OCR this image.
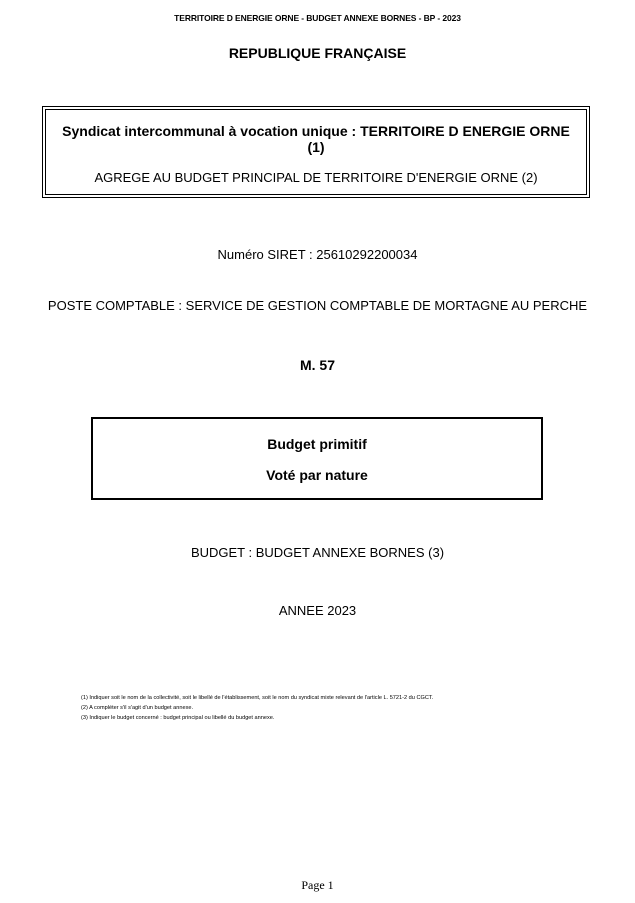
TERRITOIRE D ENERGIE ORNE - BUDGET ANNEXE BORNES - BP - 2023
REPUBLIQUE FRANÇAISE
Syndicat intercommunal à vocation unique : TERRITOIRE D ENERGIE ORNE (1)
AGREGE AU BUDGET PRINCIPAL DE TERRITOIRE D'ENERGIE ORNE (2)
Numéro SIRET : 25610292200034
POSTE COMPTABLE : SERVICE DE GESTION COMPTABLE DE MORTAGNE AU PERCHE
M. 57
Budget primitif
Voté par nature
BUDGET : BUDGET ANNEXE BORNES (3)
ANNEE 2023
(1) Indiquer soit le nom de la collectivité, soit le libellé de l'établissement, soit le nom du syndicat mixte relevant de l'article L. 5721-2 du CGCT.
(2) A compléter s'il s'agit d'un budget annexe.
(3) Indiquer le budget concerné : budget principal ou libellé du budget annexe.
Page 1
